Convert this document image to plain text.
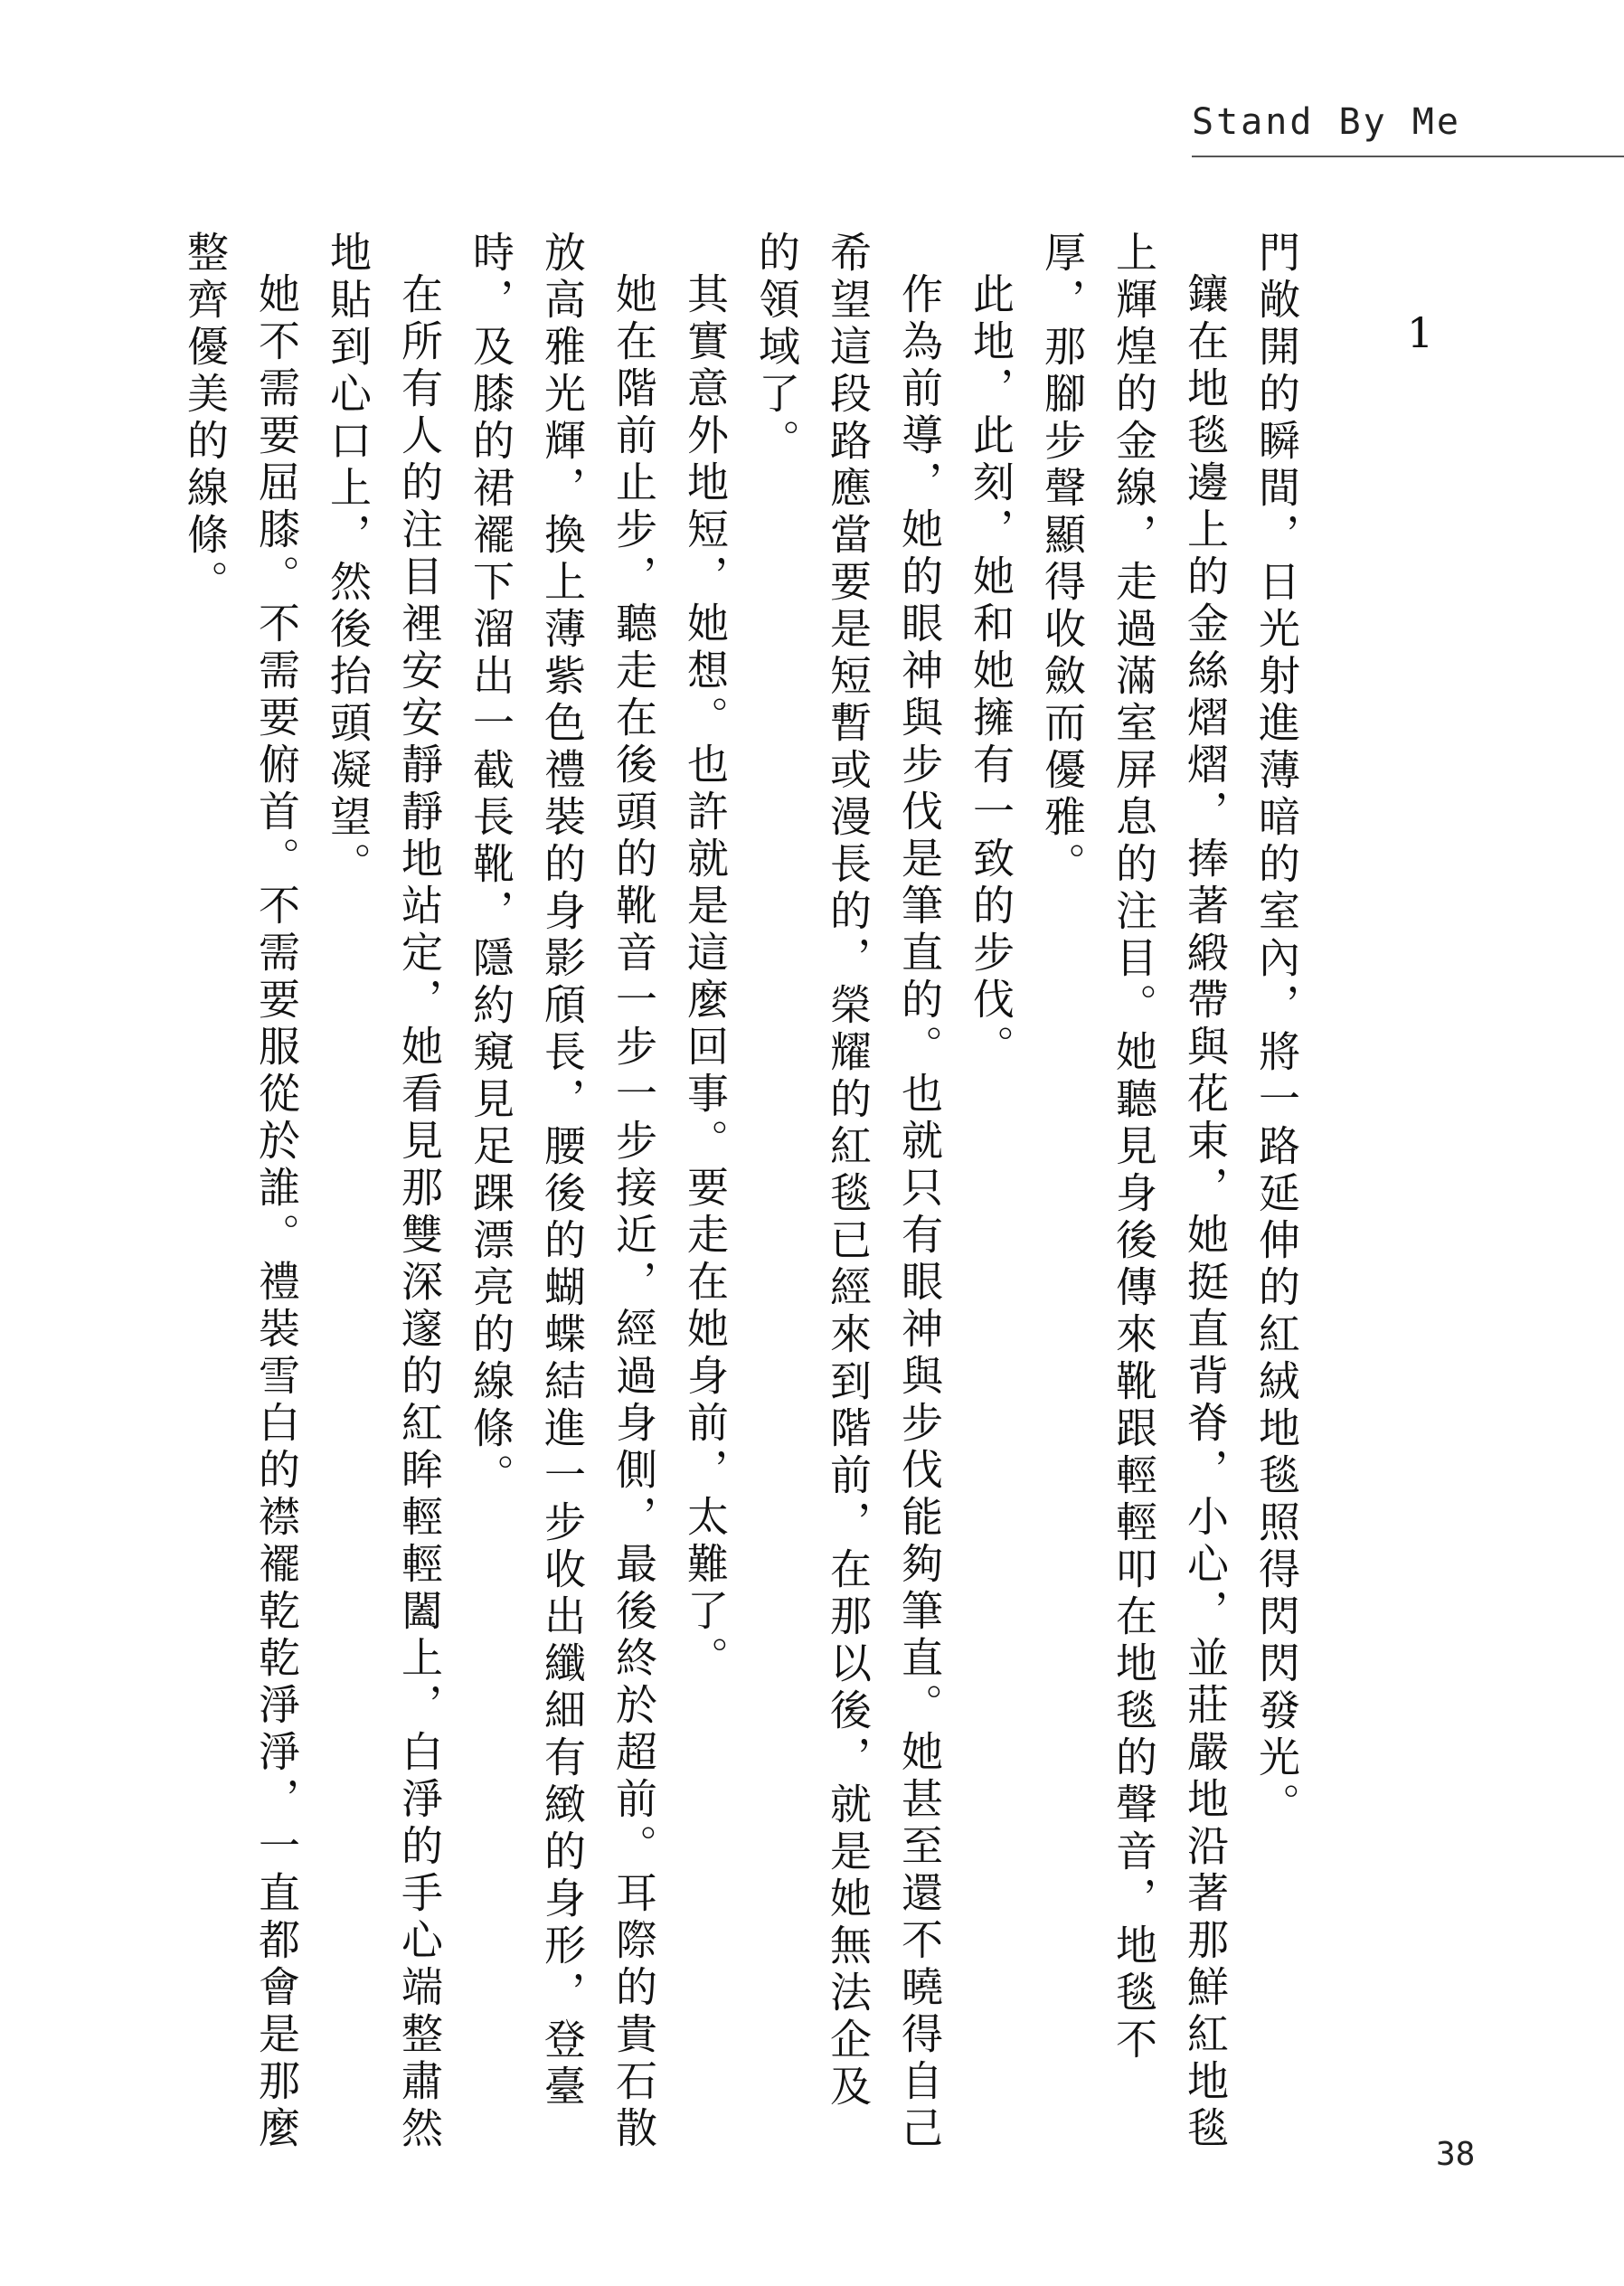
Stand By Me
1

門敞開的瞬間，日光射進薄暗的室內，將一路延伸的紅絨地毯照得閃閃發光。

鑲在地毯邊上的金絲熠熠，捧著緞帶與花束，她挺直背脊，小心，並莊嚴地沿著那鮮紅地毯上輝煌的金線，走過滿室屏息的注目。她聽見身後傳來靴跟輕輕叩在地毯的聲音，地毯不厚，那腳步聲顯得收斂而優雅。

此地，此刻，她和她擁有一致的步伐。

作為前導，她的眼神與步伐是筆直的。也就只有眼神與步伐能夠筆直。她甚至還不曉得自己希望這段路應當要是短暫或漫長的，榮耀的紅毯已經來到階前，在那以後，就是她無法企及的領域了。

其實意外地短，她想。也許就是這麼回事。要走在她身前，太難了。

她在階前止步，聽走在後頭的靴音一步一步接近，經過身側，最後終於超前。耳際的貴石散放高雅光輝，換上薄紫色禮裝的身影頎長，腰後的蝴蝶結進一步收出纖細有緻的身形，登臺時，及膝的裙襬下溜出一截長靴，隱約窺見足踝漂亮的線條。

在所有人的注目裡安安靜靜地站定，她看見那雙深邃的紅眸輕輕闔上，白淨的手心端整肅然地貼到心口上，然後抬頭凝望。

她不需要屈膝。不需要俯首。不需要服從於誰。禮裝雪白的襟襬乾乾淨淨，一直都會是那麼整齊優美的線條。

38
